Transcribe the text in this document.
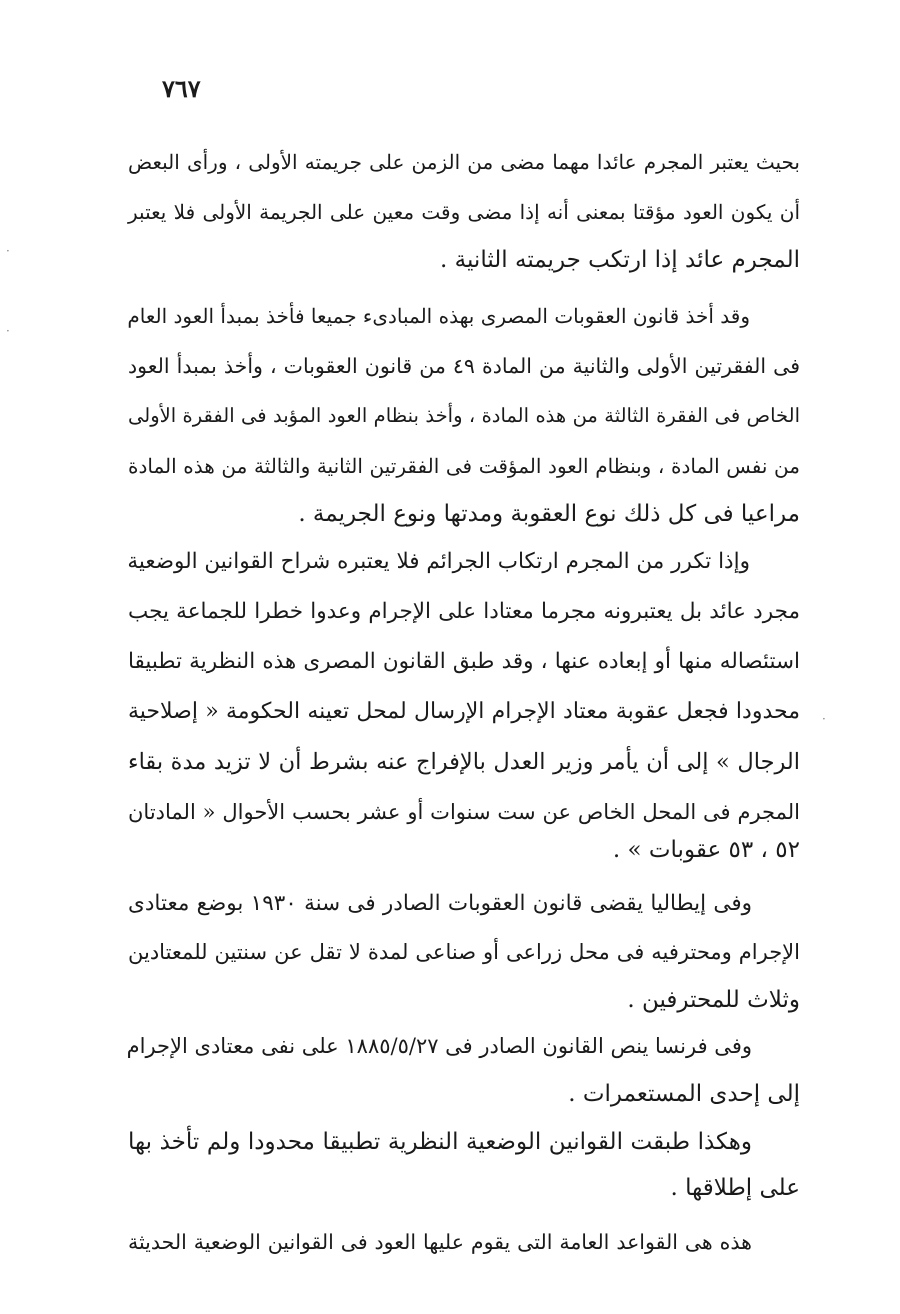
٧٦٧
بحيث يعتبر المجرم عائدا مهما مضى من الزمن على جريمته الأولى ، ورأى البعض
أن يكون العود مؤقتا بمعنى أنه إذا مضى وقت معين على الجريمة الأولى فلا يعتبر
المجرم عائد إذا ارتكب جريمته الثانية .
وقد أخذ قانون العقوبات المصرى بهذه المبادىء جميعا فأخذ بمبدأ العود العام
فى الفقرتين الأولى والثانية من المادة ٤٩ من قانون العقوبات ، وأخذ بمبدأ العود
الخاص فى الفقرة الثالثة من هذه المادة ، وأخذ بنظام العود المؤبد فى الفقرة الأولى
من نفس المادة ، وبنظام العود المؤقت فى الفقرتين الثانية والثالثة من هذه المادة
مراعيا فى كل ذلك نوع العقوبة ومدتها ونوع الجريمة .
وإذا تكرر من المجرم ارتكاب الجرائم فلا يعتبره شراح القوانين الوضعية
مجرد عائد بل يعتبرونه مجرما معتادا على الإجرام وعدوا خطرا للجماعة يجب
استئصاله منها أو إبعاده عنها ، وقد طبق القانون المصرى هذه النظرية تطبيقا
محدودا فجعل عقوبة معتاد الإجرام الإرسال لمحل تعينه الحكومة « إصلاحية
الرجال » إلى أن يأمر وزير العدل بالإفراج عنه بشرط أن لا تزيد مدة بقاء
المجرم فى المحل الخاص عن ست سنوات أو عشر بحسب الأحوال « المادتان
٥٢ ، ٥٣ عقوبات » .
وفى إيطاليا يقضى قانون العقوبات الصادر فى سنة ١٩٣٠ بوضع معتادى
الإجرام ومحترفيه فى محل زراعى أو صناعى لمدة لا تقل عن سنتين للمعتادين
وثلاث للمحترفين .
وفى فرنسا ينص القانون الصادر فى ١٨٨٥/٥/٢٧ على نفى معتادى الإجرام
إلى إحدى المستعمرات .
وهكذا طبقت القوانين الوضعية النظرية تطبيقا محدودا ولم تأخذ بها
على إطلاقها .
هذه هى القواعد العامة التى يقوم عليها العود فى القوانين الوضعية الحديثة
·
·
·
